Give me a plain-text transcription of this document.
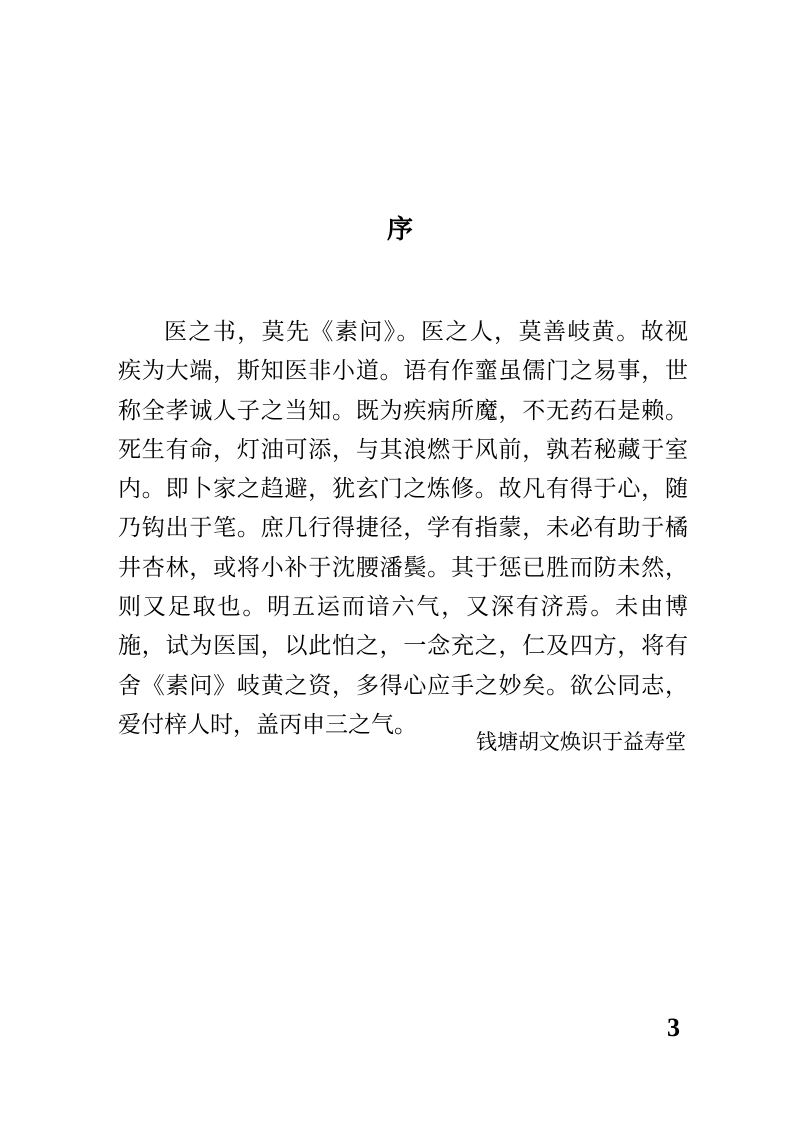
序
医之书，莫先《素问》。医之人，莫善岐黄。故视
疾为大端，斯知医非小道。语有作韲虽儒门之易事，世
称全孝诚人子之当知。既为疾病所魔，不无药石是赖。
死生有命，灯油可添，与其浪燃于风前，孰若秘藏于室
内。即卜家之趋避，犹玄门之炼修。故凡有得于心，随
乃钩出于笔。庶几行得捷径，学有指蒙，未必有助于橘
井杏林，或将小补于沈腰潘鬓。其于惩已胜而防未然，
则又足取也。明五运而谙六气，又深有济焉。未由博
施，试为医国，以此怕之，一念充之，仁及四方，将有
舍《素问》岐黄之资，多得心应手之妙矣。欲公同志，
爱付梓人时，盖丙申三之气。

钱塘胡文焕识于益寿堂

3
